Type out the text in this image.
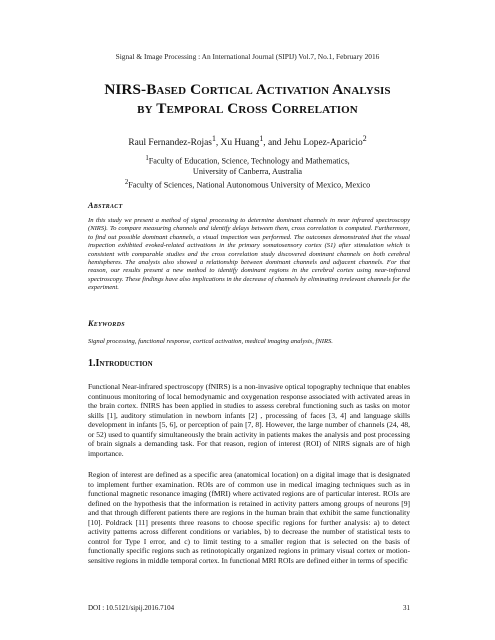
Signal & Image Processing : An International Journal (SIPIJ) Vol.7, No.1, February 2016
NIRS-Based Cortical Activation Analysis
by Temporal Cross Correlation
Raul Fernandez-Rojas$^1$, Xu Huang$^1$, and Jehu Lopez-Aparicio$^2$
$^1$Faculty of Education, Science, Technology and Mathematics,
University of Canberra, Australia
$^2$Faculty of Sciences, National Autonomous University of Mexico, Mexico
Abstract
In this study we present a method of signal processing to determine dominant channels in near infrared spectroscopy (NIRS). To compare measuring channels and identify delays between them, cross correlation is computed. Furthermore, to find out possible dominant channels, a visual inspection was performed. The outcomes demonstrated that the visual inspection exhibited evoked-related activations in the primary somatosensory cortex (S1) after stimulation which is consistent with comparable studies and the cross correlation study discovered dominant channels on both cerebral hemispheres. The analysis also showed a relationship between dominant channels and adjacent channels. For that reason, our results present a new method to identify dominant regions in the cerebral cortex using near-infrared spectroscopy. These findings have also implications in the decrease of channels by eliminating irrelevant channels for the experiment.
Keywords
Signal processing, functional response, cortical activation, medical imaging analysis, fNIRS.
1.Introduction
Functional Near-infrared spectroscopy (fNIRS) is a non-invasive optical topography technique that enables continuous monitoring of local hemodynamic and oxygenation response associated with activated areas in the brain cortex. fNIRS has been applied in studies to assess cerebral functioning such as tasks on motor skills [1], auditory stimulation in newborn infants [2] , processing of faces [3, 4] and language skills development in infants [5, 6], or perception of pain [7, 8]. However, the large number of channels (24, 48, or 52) used to quantify simultaneously the brain activity in patients makes the analysis and post processing of brain signals a demanding task. For that reason, region of interest (ROI) of NIRS signals are of high importance.
Region of interest are defined as a specific area (anatomical location) on a digital image that is designated to implement further examination. ROIs are of common use in medical imaging techniques such as in functional magnetic resonance imaging (fMRI) where activated regions are of particular interest. ROIs are defined on the hypothesis that the information is retained in activity patters among groups of neurons [9] and that through different patients there are regions in the human brain that exhibit the same functionality [10]. Poldrack [11] presents three reasons to choose specific regions for further analysis: a) to detect activity patterns across different conditions or variables, b) to decrease the number of statistical tests to control for Type I error, and c) to limit testing to a smaller region that is selected on the basis of functionally specific regions such as retinotopically organized regions in primary visual cortex or motion-sensitive regions in middle temporal cortex. In functional MRI ROIs are defined either in terms of specific
DOI : 10.5121/sipij.2016.7104	31
